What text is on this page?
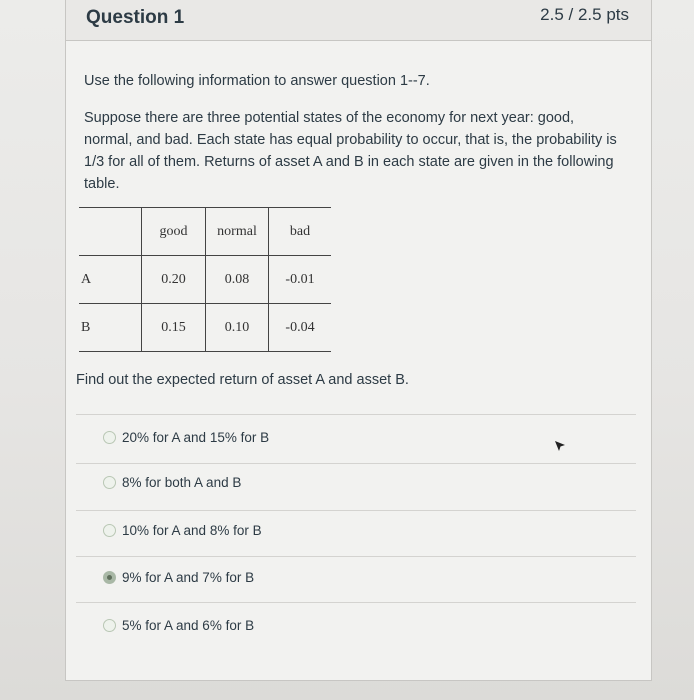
Question 1	2.5 / 2.5 pts
Use the following information to answer question 1--7.
Suppose there are three potential states of the economy for next year: good, normal, and bad. Each state has equal probability to occur, that is, the probability is 1/3 for all of them. Returns of asset A and B in each state are given in the following table.
	good	normal	bad
A	0.20	0.08	-0.01
B	0.15	0.10	-0.04
Find out the expected return of asset A and asset B.
20% for A and 15% for B
8% for both A and B
10% for A and 8% for B
9% for A and 7% for B
5% for A and 6% for B
